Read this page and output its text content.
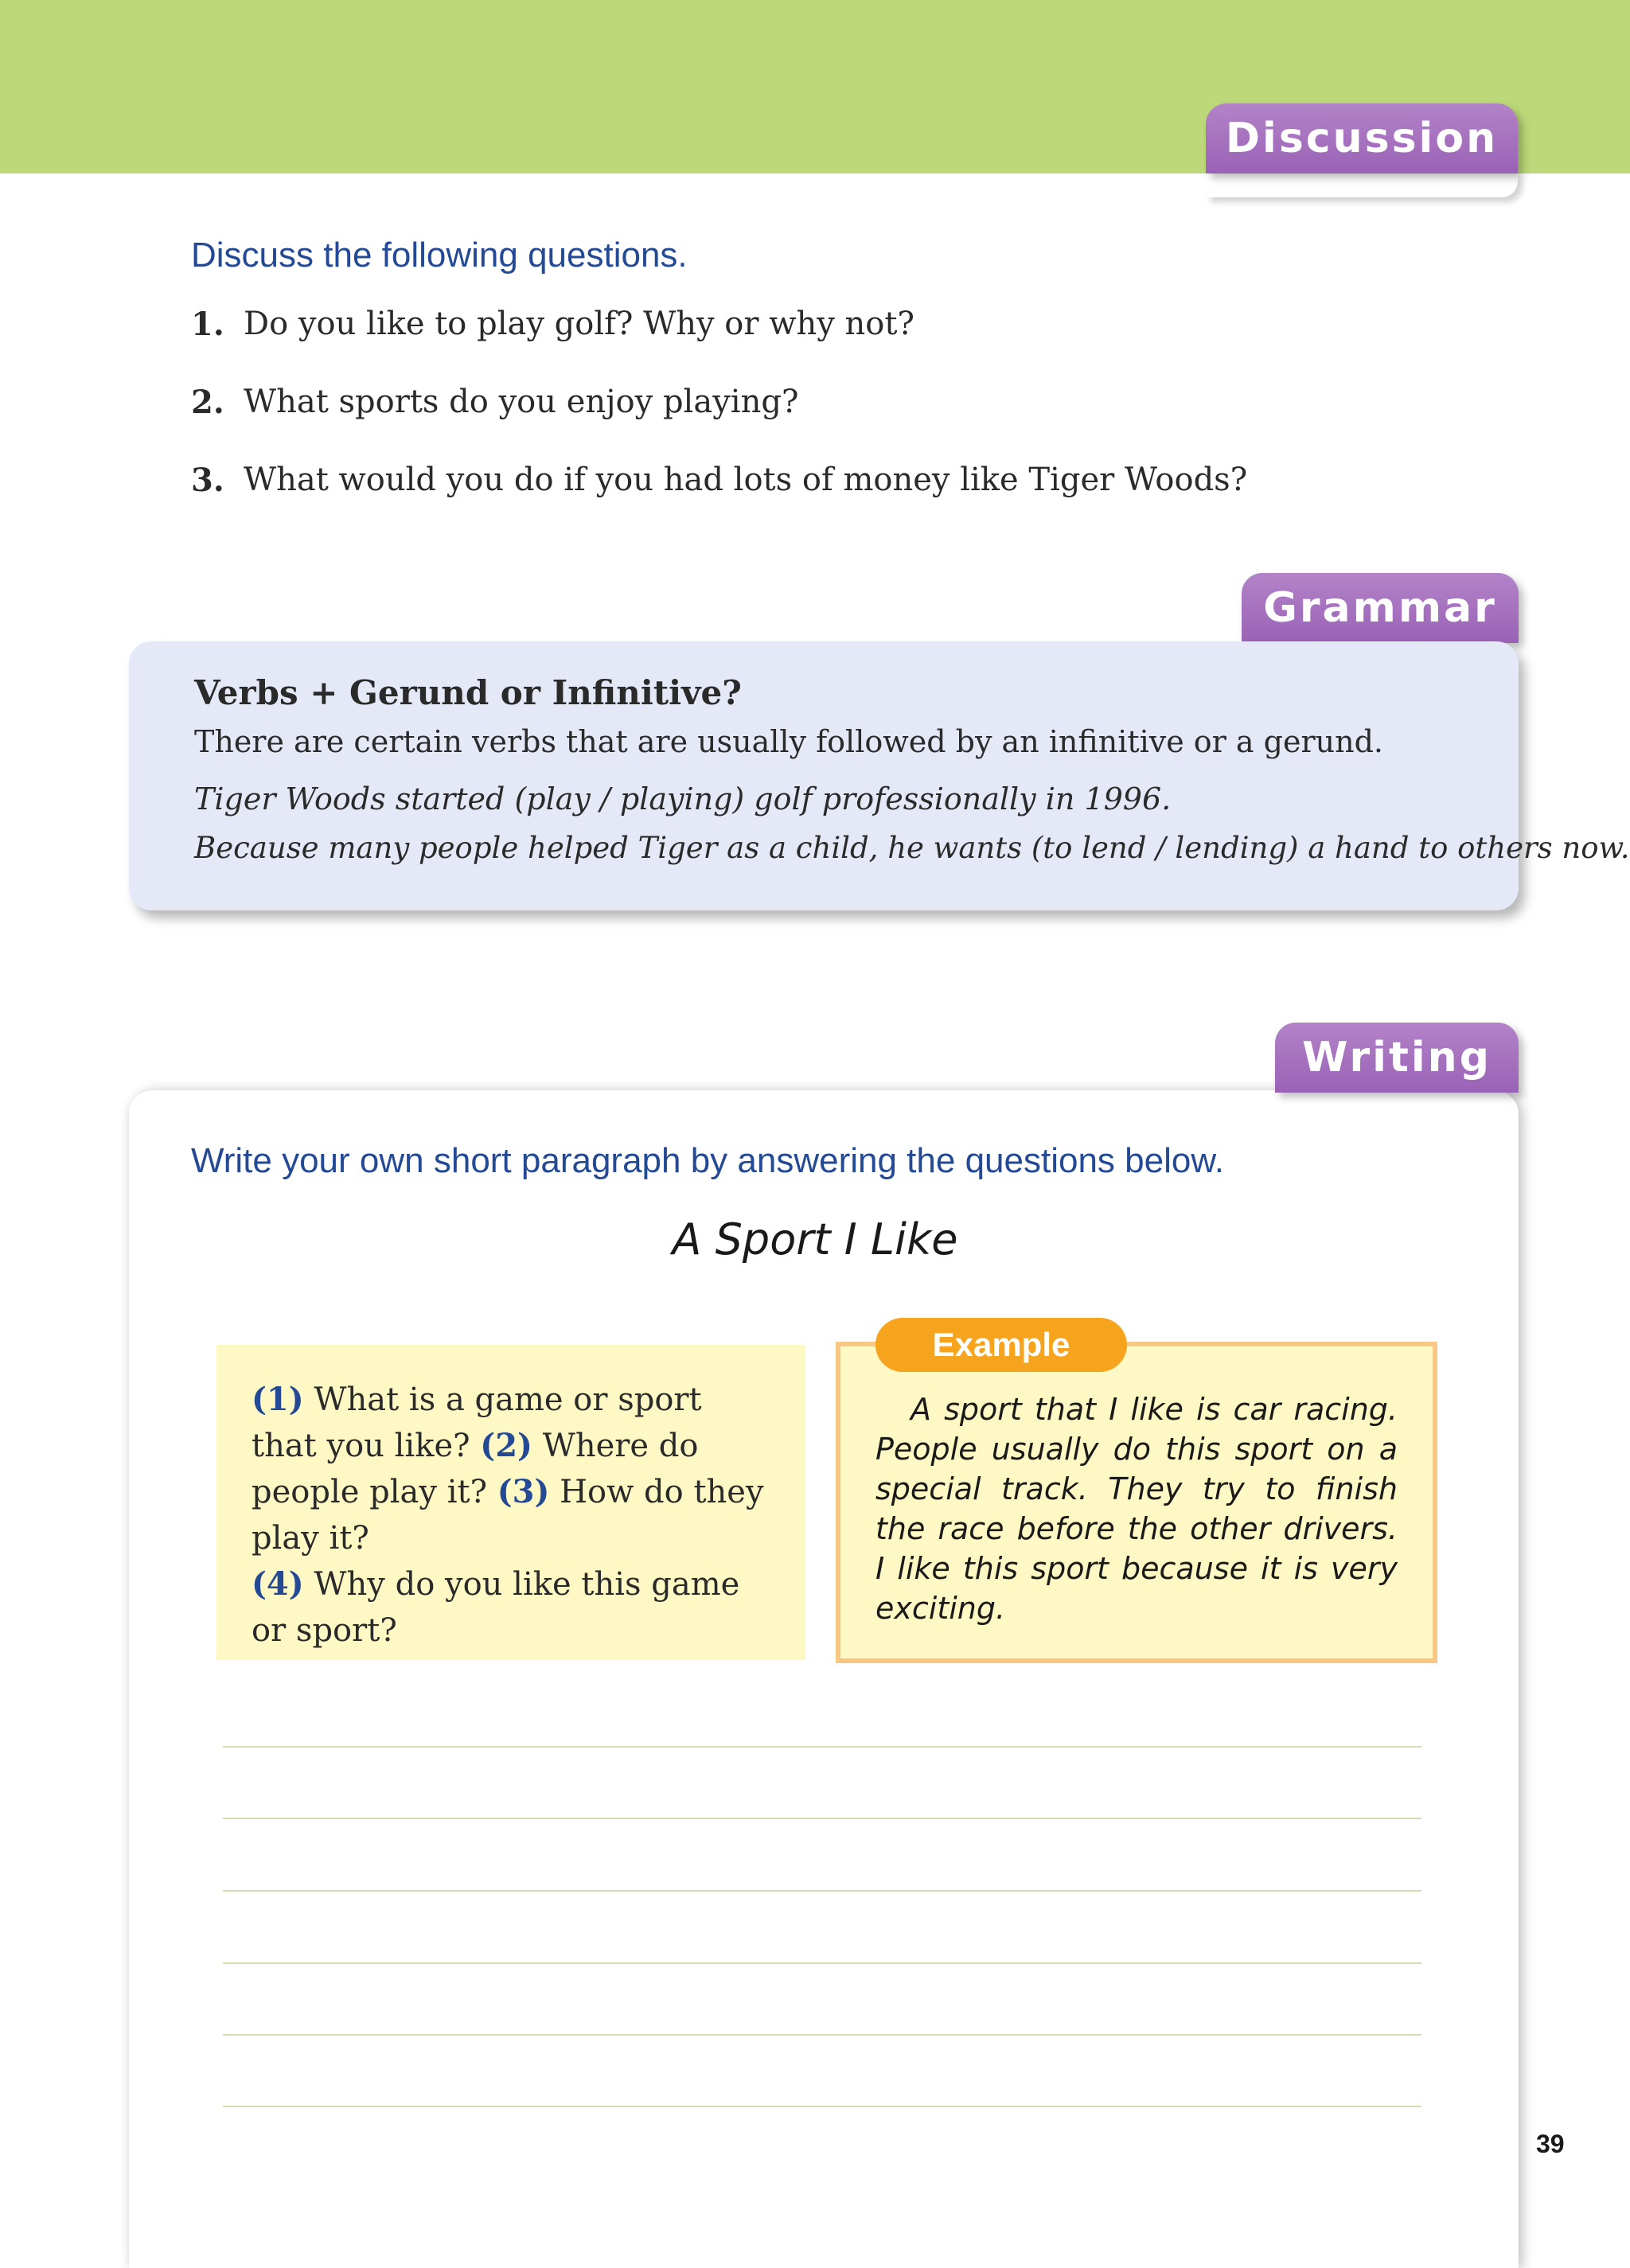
Discussion
Discuss the following questions.
1. Do you like to play golf? Why or why not?
2. What sports do you enjoy playing?
3. What would you do if you had lots of money like Tiger Woods?
Grammar
Verbs + Gerund or Infinitive?
There are certain verbs that are usually followed by an infinitive or a gerund.
Tiger Woods started (play / playing) golf professionally in 1996.
Because many people helped Tiger as a child, he wants (to lend / lending) a hand to others now.
Writing
Write your own short paragraph by answering the questions below.
A Sport I Like
(1) What is a game or sport that you like? (2) Where do people play it? (3) How do they play it?
(4) Why do you like this game or sport?
A sport that I like is car racing. People usually do this sport on a special track. They try to finish the race before the other drivers. I like this sport because it is very exciting.
Example
39
